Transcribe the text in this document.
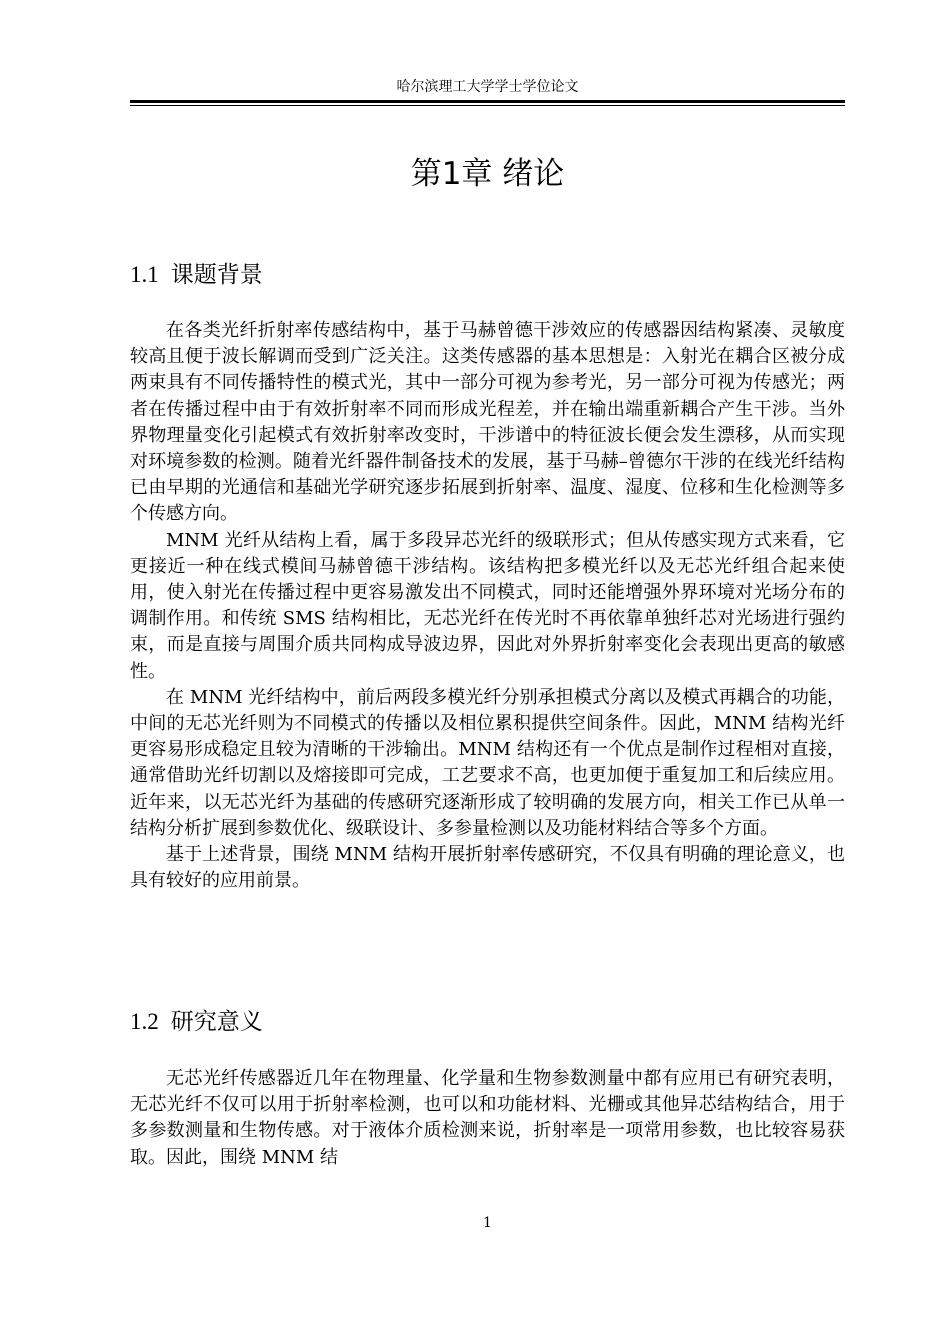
哈尔滨理工大学学士学位论文
第1章 绪论
1.1 课题背景

在各类光纤折射率传感结构中，基于马赫曾德干涉效应的传感器因结构紧凑、灵敏度较高且便于波长解调而受到广泛关注。这类传感器的基本思想是：入射光在耦合区被分成两束具有不同传播特性的模式光，其中一部分可视为参考光，另一部分可视为传感光；两者在传播过程中由于有效折射率不同而形成光程差，并在输出端重新耦合产生干涉。当外界物理量变化引起模式有效折射率改变时，干涉谱中的特征波长便会发生漂移，从而实现对环境参数的检测。随着光纤器件制备技术的发展，基于马赫–曾德尔干涉的在线光纤结构已由早期的光通信和基础光学研究逐步拓展到折射率、温度、湿度、位移和生化检测等多个传感方向。

MNM 光纤从结构上看，属于多段异芯光纤的级联形式；但从传感实现方式来看，它更接近一种在线式模间马赫曾德干涉结构。该结构把多模光纤以及无芯光纤组合起来使用，使入射光在传播过程中更容易激发出不同模式，同时还能增强外界环境对光场分布的调制作用。和传统 SMS 结构相比，无芯光纤在传光时不再依靠单独纤芯对光场进行强约束，而是直接与周围介质共同构成导波边界，因此对外界折射率变化会表现出更高的敏感性。

在 MNM 光纤结构中，前后两段多模光纤分别承担模式分离以及模式再耦合的功能，中间的无芯光纤则为不同模式的传播以及相位累积提供空间条件。因此，MNM 结构光纤更容易形成稳定且较为清晰的干涉输出。MNM 结构还有一个优点是制作过程相对直接，通常借助光纤切割以及熔接即可完成，工艺要求不高，也更加便于重复加工和后续应用。近年来，以无芯光纤为基础的传感研究逐渐形成了较明确的发展方向，相关工作已从单一结构分析扩展到参数优化、级联设计、多参量检测以及功能材料结合等多个方面。

基于上述背景，围绕 MNM 结构开展折射率传感研究，不仅具有明确的理论意义，也具有较好的应用前景。

1.2 研究意义

无芯光纤传感器近几年在物理量、化学量和生物参数测量中都有应用已有研究表明，无芯光纤不仅可以用于折射率检测，也可以和功能材料、光栅或其他异芯结构结合，用于多参数测量和生物传感。对于液体介质检测来说，折射率是一项常用参数，也比较容易获取。因此，围绕 MNM 结

1
